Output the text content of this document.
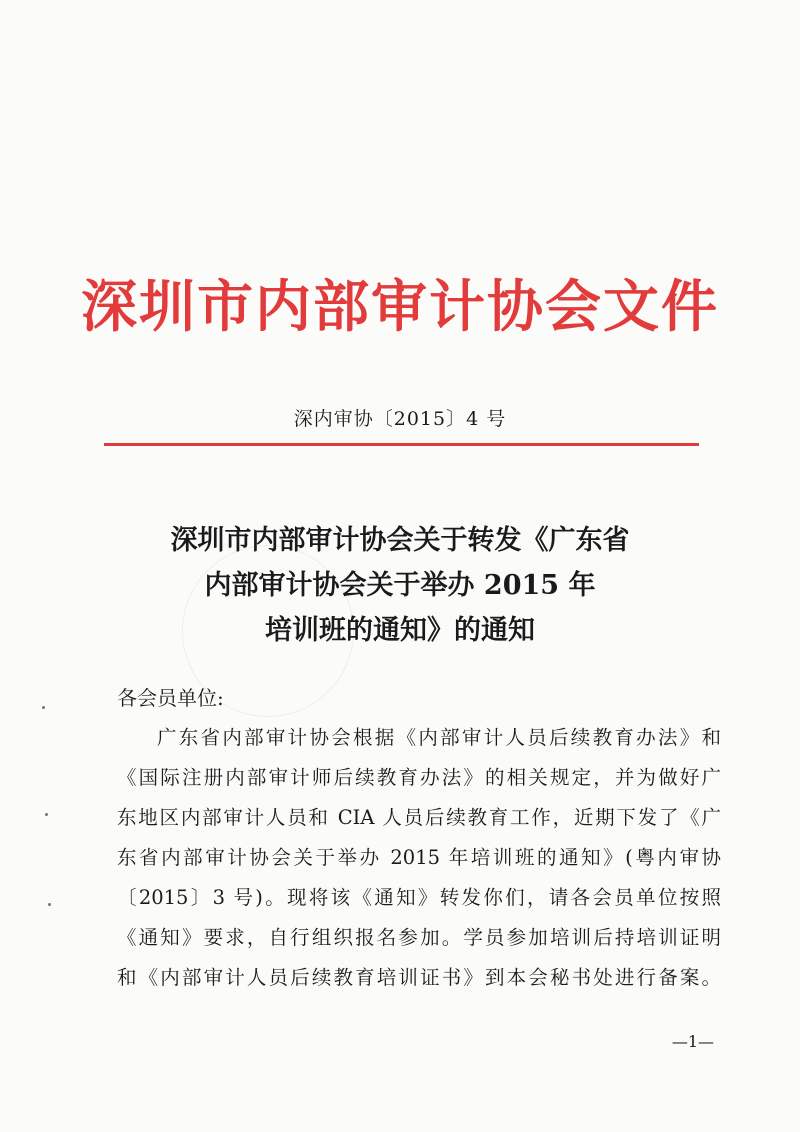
深圳市内部审计协会文件
深内审协〔2015〕4 号
深圳市内部审计协会关于转发《广东省
内部审计协会关于举办 2015 年
培训班的通知》的通知
各会员单位:
广东省内部审计协会根据《内部审计人员后续教育办法》和
《国际注册内部审计师后续教育办法》的相关规定，并为做好广
东地区内部审计人员和 CIA 人员后续教育工作，近期下发了《广
东省内部审计协会关于举办 2015 年培训班的通知》(粤内审协
〔2015〕3 号)。现将该《通知》转发你们，请各会员单位按照
《通知》要求，自行组织报名参加。学员参加培训后持培训证明
和《内部审计人员后续教育培训证书》到本会秘书处进行备案。
—1—
